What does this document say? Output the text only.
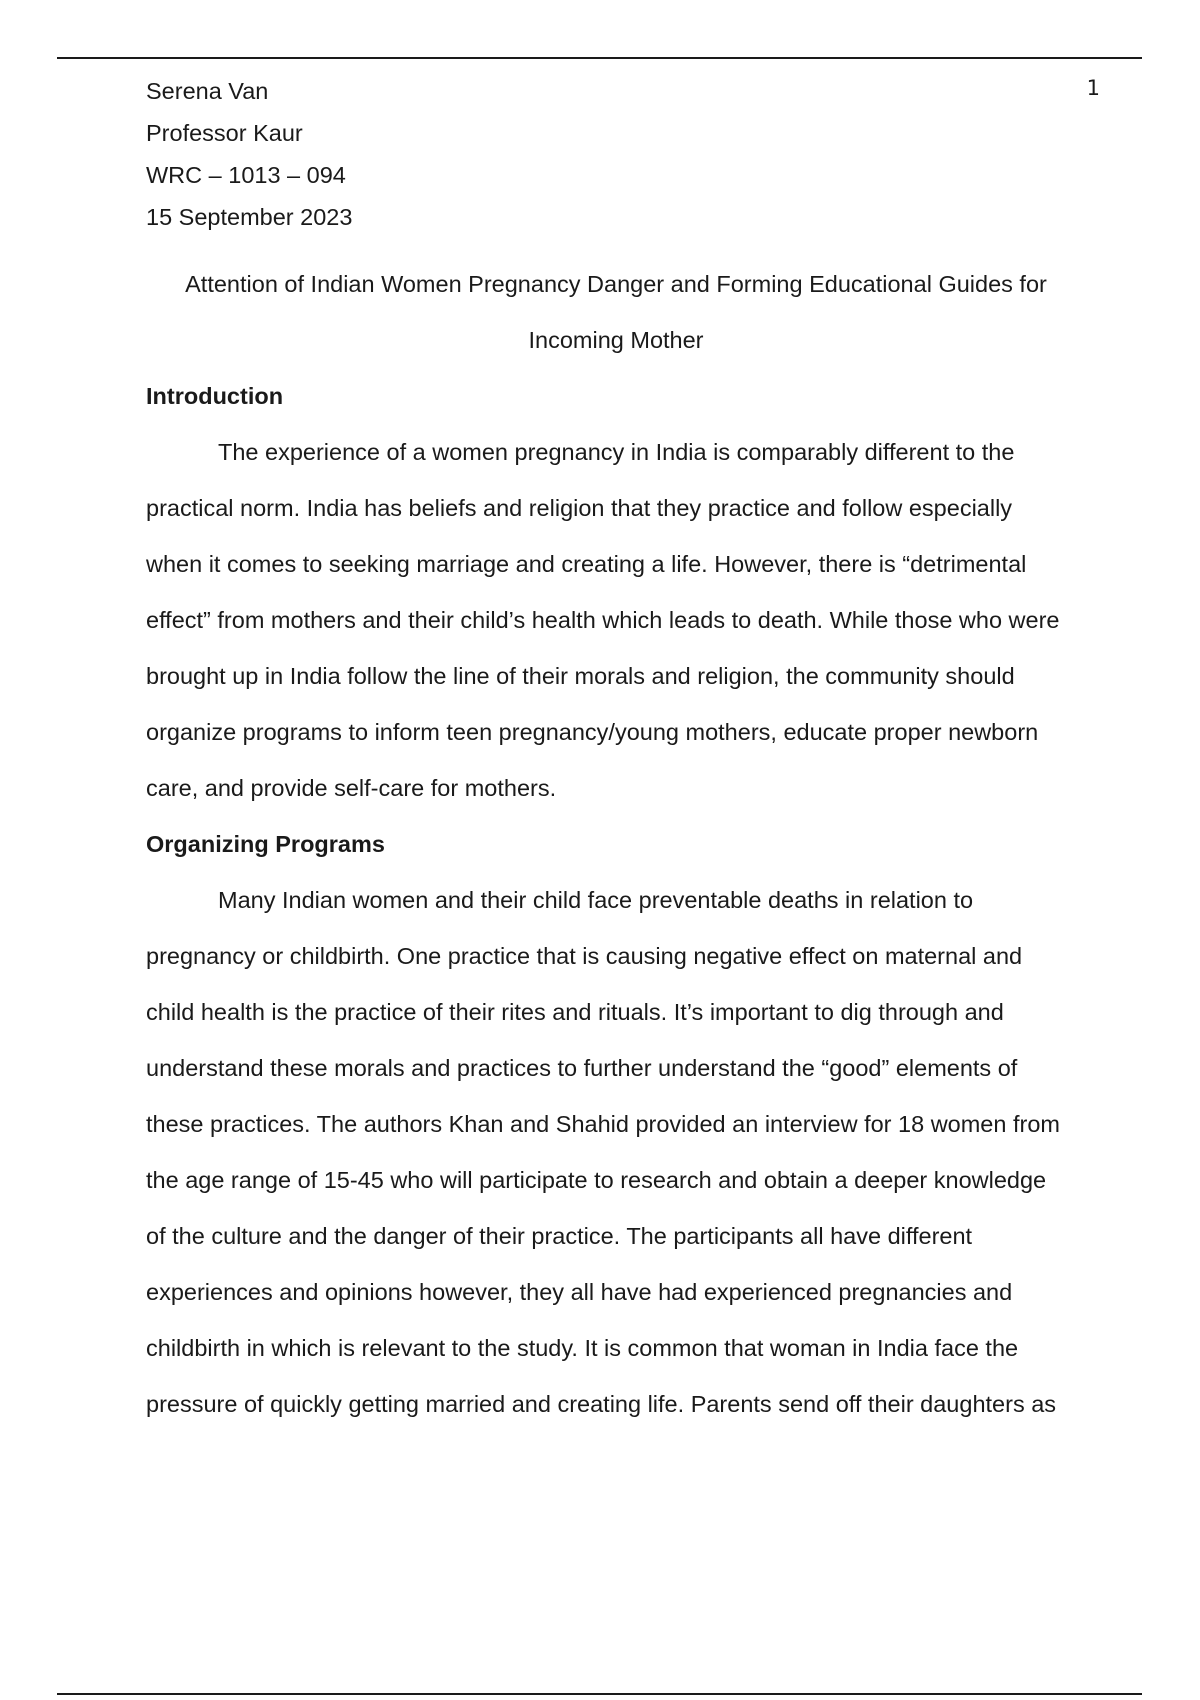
1
Serena Van
Professor Kaur
WRC – 1013 – 094
15 September 2023
Attention of Indian Women Pregnancy Danger and Forming Educational Guides for
Incoming Mother
Introduction
The experience of a women pregnancy in India is comparably different to the
practical norm. India has beliefs and religion that they practice and follow especially
when it comes to seeking marriage and creating a life. However, there is “detrimental
effect” from mothers and their child’s health which leads to death. While those who were
brought up in India follow the line of their morals and religion, the community should
organize programs to inform teen pregnancy/young mothers, educate proper newborn
care, and provide self-care for mothers.
Organizing Programs
Many Indian women and their child face preventable deaths in relation to
pregnancy or childbirth. One practice that is causing negative effect on maternal and
child health is the practice of their rites and rituals. It’s important to dig through and
understand these morals and practices to further understand the “good” elements of
these practices. The authors Khan and Shahid provided an interview for 18 women from
the age range of 15-45 who will participate to research and obtain a deeper knowledge
of the culture and the danger of their practice. The participants all have different
experiences and opinions however, they all have had experienced pregnancies and
childbirth in which is relevant to the study. It is common that woman in India face the
pressure of quickly getting married and creating life. Parents send off their daughters as
